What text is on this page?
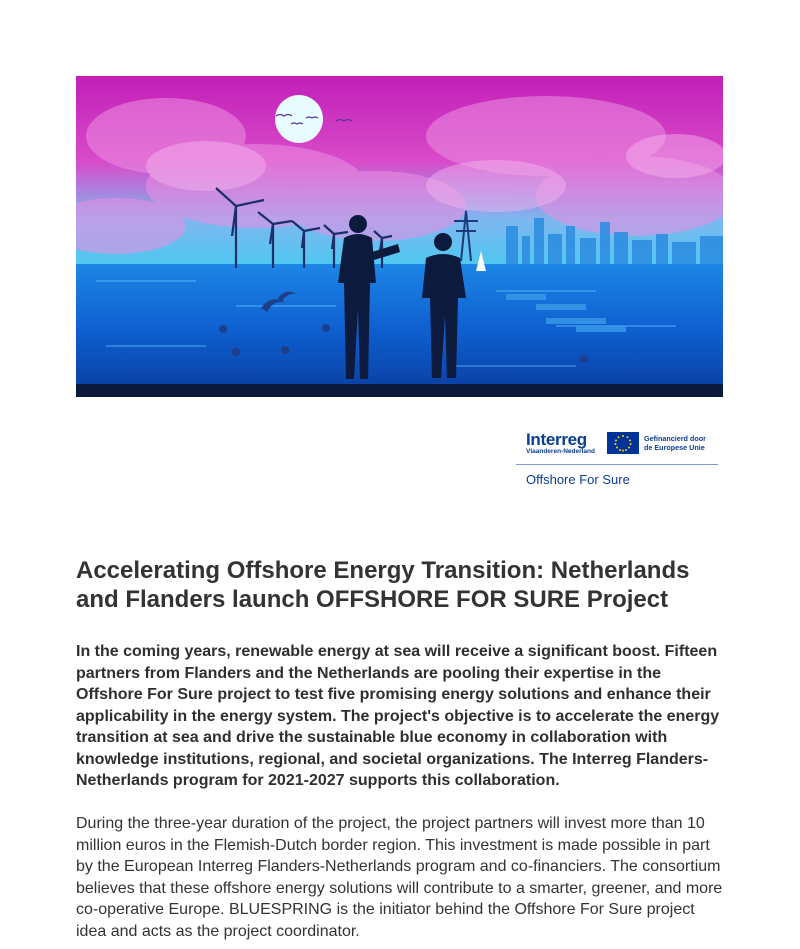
Interreg
Vlaanderen-Nederland
Gefinancierd door
de Europese Unie
Offshore For Sure
Accelerating Offshore Energy Transition: Netherlands and Flanders launch OFFSHORE FOR SURE Project

In the coming years, renewable energy at sea will receive a significant boost. Fifteen partners from Flanders and the Netherlands are pooling their expertise in the Offshore For Sure project to test five promising energy solutions and enhance their applicability in the energy system. The project's objective is to accelerate the energy transition at sea and drive the sustainable blue economy in collaboration with knowledge institutions, regional, and societal organizations. The Interreg Flanders-Netherlands program for 2021-2027 supports this collaboration.

During the three-year duration of the project, the project partners will invest more than 10 million euros in the Flemish-Dutch border region. This investment is made possible in part by the European Interreg Flanders-Netherlands program and co-financiers. The consortium believes that these offshore energy solutions will contribute to a smarter, greener, and more co-operative Europe. BLUESPRING is the initiator behind the Offshore For Sure project idea and acts as the project coordinator.
